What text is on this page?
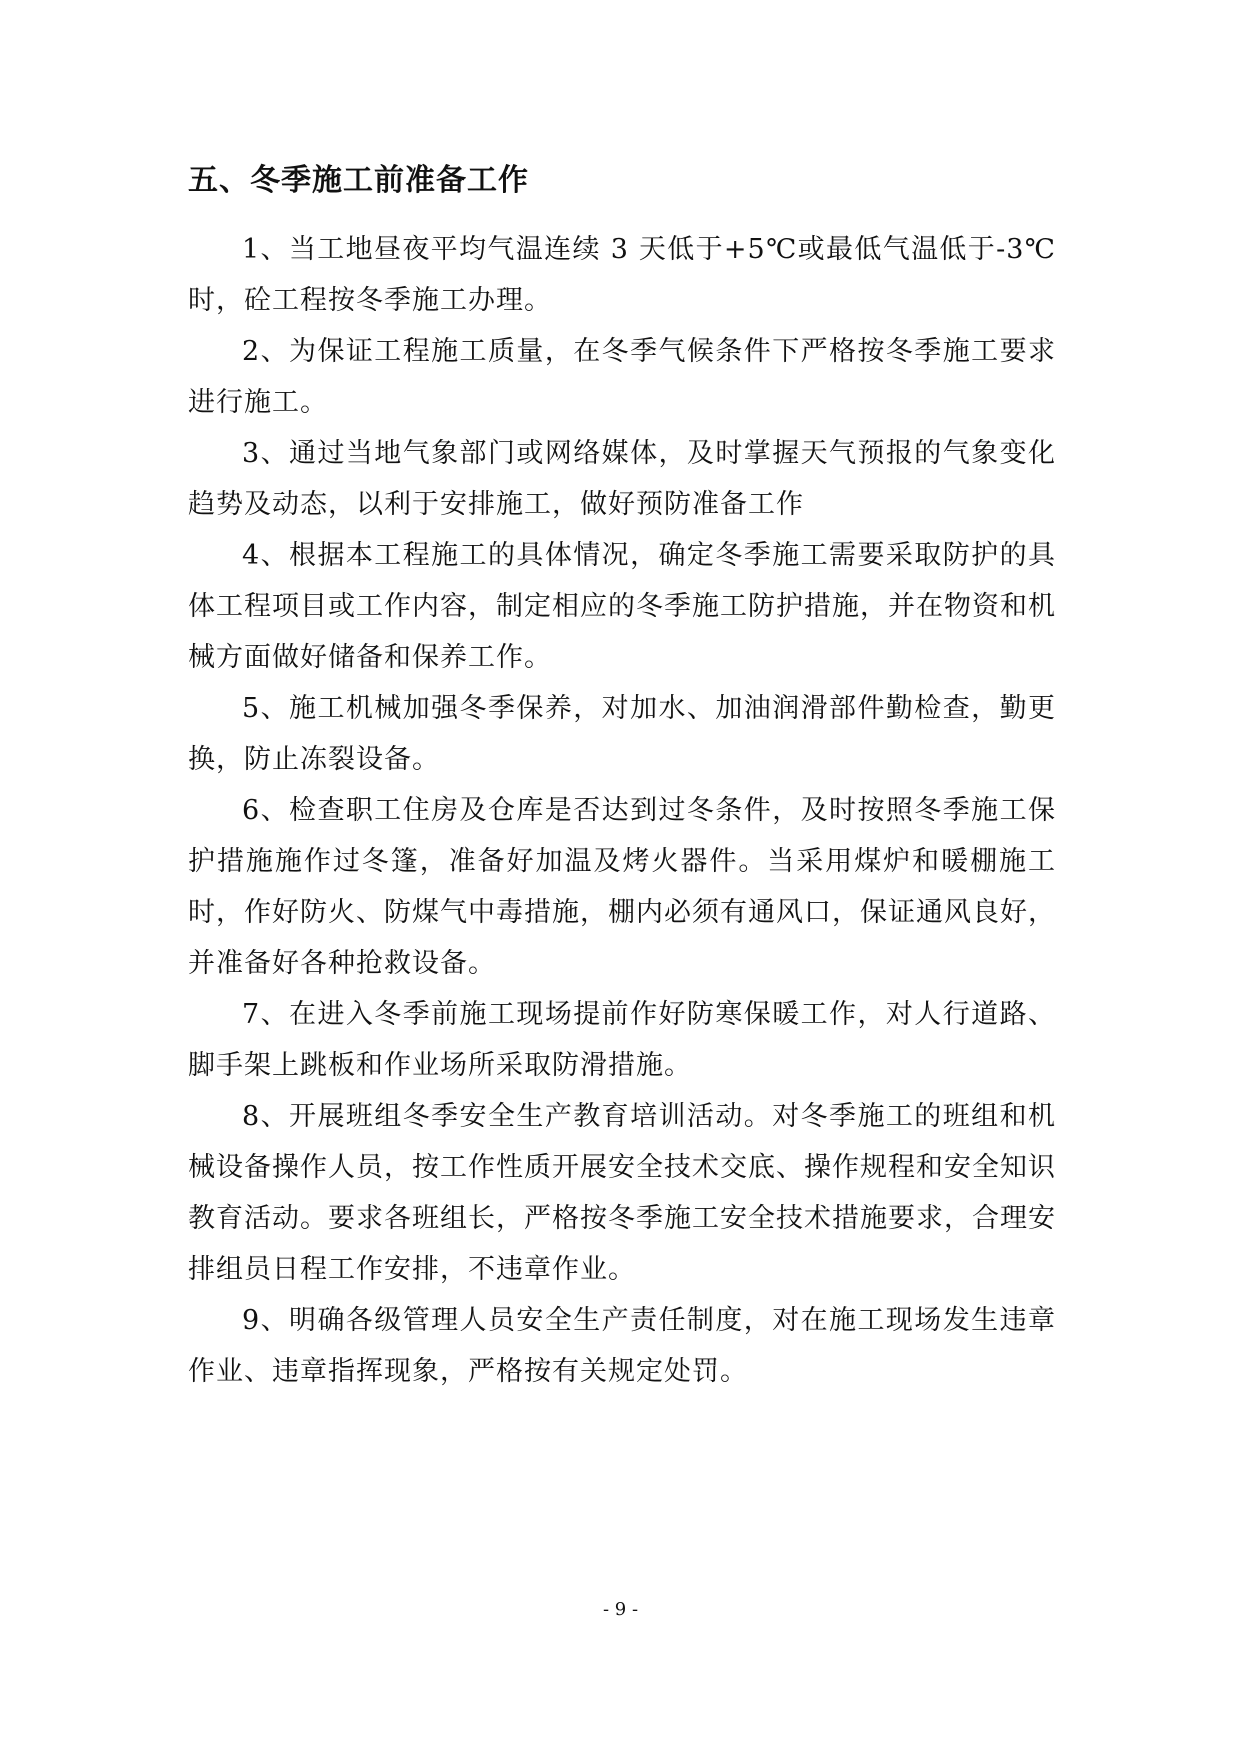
五、冬季施工前准备工作

1、当工地昼夜平均气温连续 3 天低于+5℃或最低气温低于-3℃时，砼工程按冬季施工办理。

2、为保证工程施工质量，在冬季气候条件下严格按冬季施工要求进行施工。

3、通过当地气象部门或网络媒体，及时掌握天气预报的气象变化趋势及动态，以利于安排施工，做好预防准备工作

4、根据本工程施工的具体情况，确定冬季施工需要采取防护的具体工程项目或工作内容，制定相应的冬季施工防护措施，并在物资和机械方面做好储备和保养工作。

5、施工机械加强冬季保养，对加水、加油润滑部件勤检查，勤更换，防止冻裂设备。

6、检查职工住房及仓库是否达到过冬条件，及时按照冬季施工保护措施施作过冬篷，准备好加温及烤火器件。当采用煤炉和暖棚施工时，作好防火、防煤气中毒措施，棚内必须有通风口，保证通风良好，并准备好各种抢救设备。

7、在进入冬季前施工现场提前作好防寒保暖工作，对人行道路、脚手架上跳板和作业场所采取防滑措施。

8、开展班组冬季安全生产教育培训活动。对冬季施工的班组和机械设备操作人员，按工作性质开展安全技术交底、操作规程和安全知识教育活动。要求各班组长，严格按冬季施工安全技术措施要求，合理安排组员日程工作安排，不违章作业。

9、明确各级管理人员安全生产责任制度，对在施工现场发生违章作业、违章指挥现象，严格按有关规定处罚。

- 9 -
